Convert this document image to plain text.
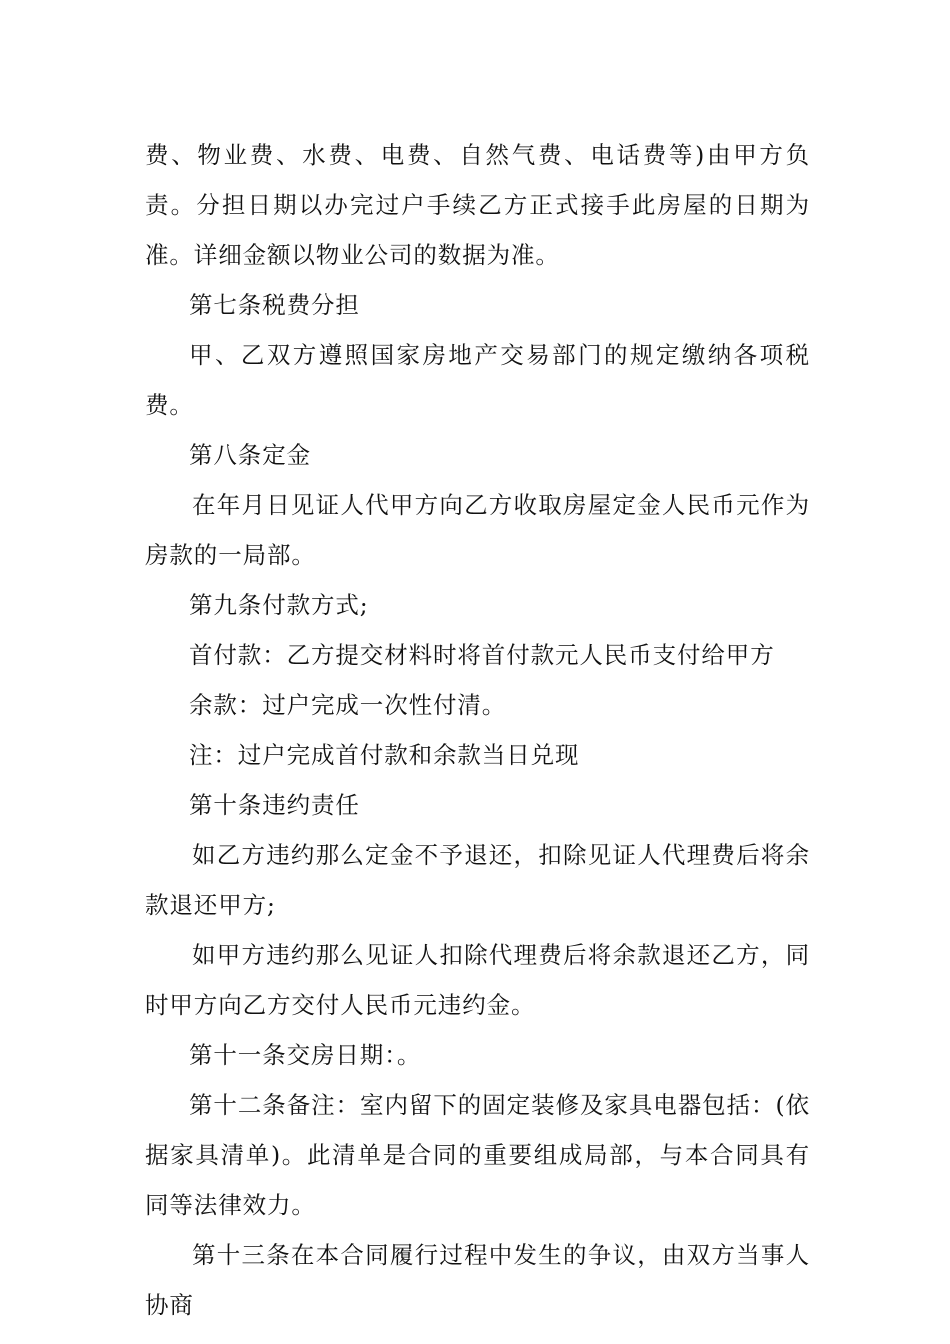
费、物业费、水费、电费、自然气费、电话费等)由甲方负责。分担日期以办完过户手续乙方正式接手此房屋的日期为准。详细金额以物业公司的数据为准。

第七条税费分担

甲、乙双方遵照国家房地产交易部门的规定缴纳各项税费。

第八条定金

在年月日见证人代甲方向乙方收取房屋定金人民币元作为房款的一局部。

第九条付款方式;

首付款：乙方提交材料时将首付款元人民币支付给甲方

余款：过户完成一次性付清。

注：过户完成首付款和余款当日兑现

第十条违约责任

如乙方违约那么定金不予退还，扣除见证人代理费后将余款退还甲方;

如甲方违约那么见证人扣除代理费后将余款退还乙方，同时甲方向乙方交付人民币元违约金。

第十一条交房日期：。

第十二条备注：室内留下的固定装修及家具电器包括：(依据家具清单)。此清单是合同的重要组成局部，与本合同具有同等法律效力。

第十三条在本合同履行过程中发生的争议，由双方当事人协商
